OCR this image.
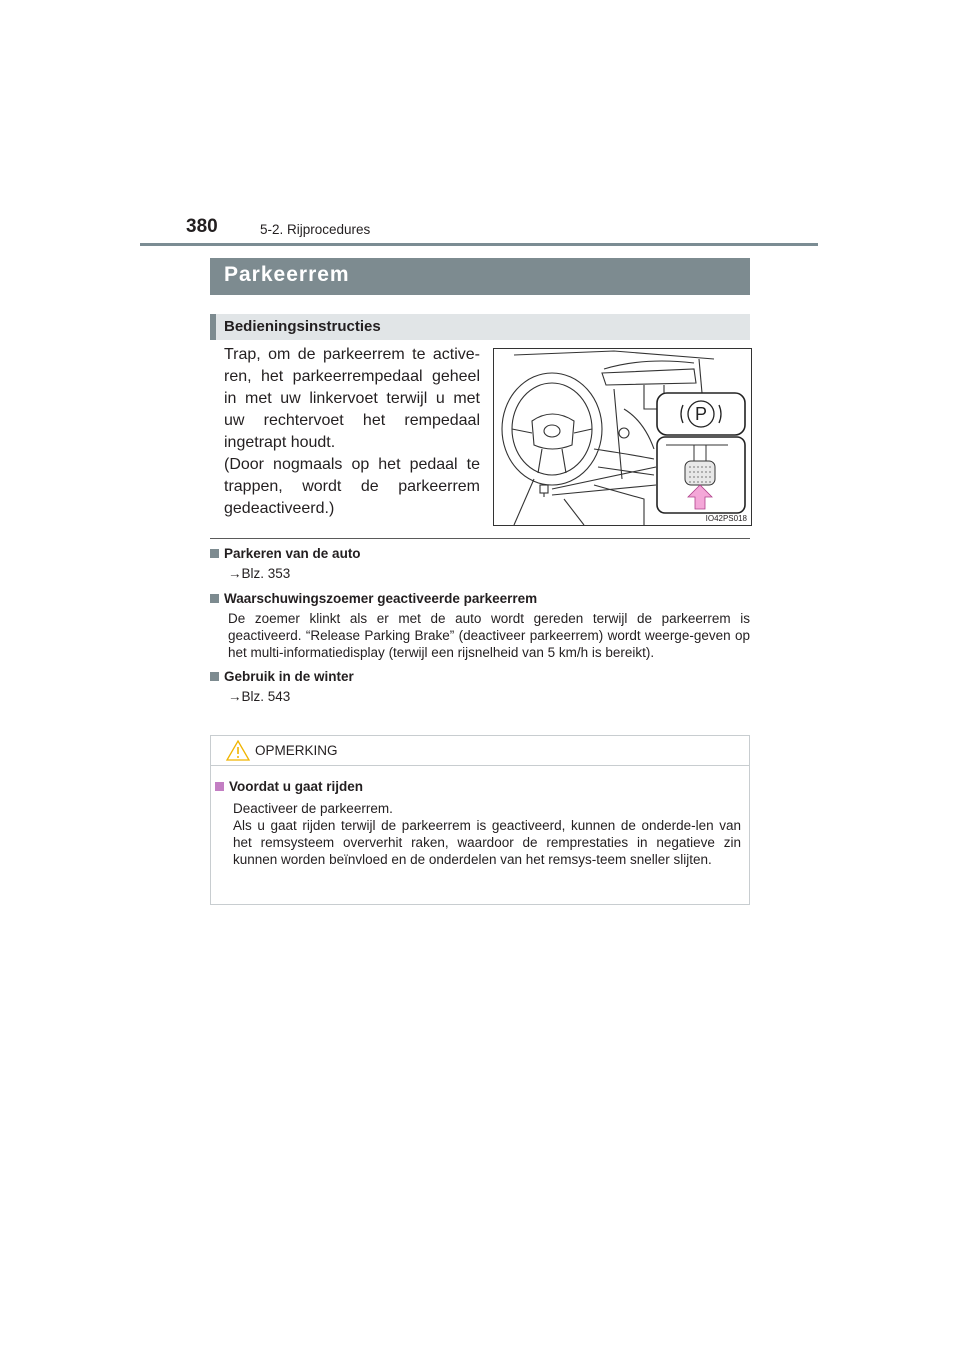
380	5-2. Rijprocedures
Parkeerrem
Bedieningsinstructies

Trap, om de parkeerrem te active-ren, het parkeerrempedaal geheel in met uw linkervoet terwijl u met uw rechtervoet het rempedaal ingetrapt houdt.

(Door nogmaals op het pedaal te trappen, wordt de parkeerrem gedeactiveerd.)

P
IO42PS018
Parkeren van de auto
→Blz. 353
Waarschuwingszoemer geactiveerde parkeerrem
De zoemer klinkt als er met de auto wordt gereden terwijl de parkeerrem is geactiveerd. “Release Parking Brake” (deactiveer parkeerrem) wordt weerge-geven op het multi-informatiedisplay (terwijl een rijsnelheid van 5 km/h is bereikt).
Gebruik in de winter
→Blz. 543
OPMERKING
Voordat u gaat rijden
Deactiveer de parkeerrem.
Als u gaat rijden terwijl de parkeerrem is geactiveerd, kunnen de onderde-len van het remsysteem oververhit raken, waardoor de remprestaties in negatieve zin kunnen worden beïnvloed en de onderdelen van het remsys-teem sneller slijten.
